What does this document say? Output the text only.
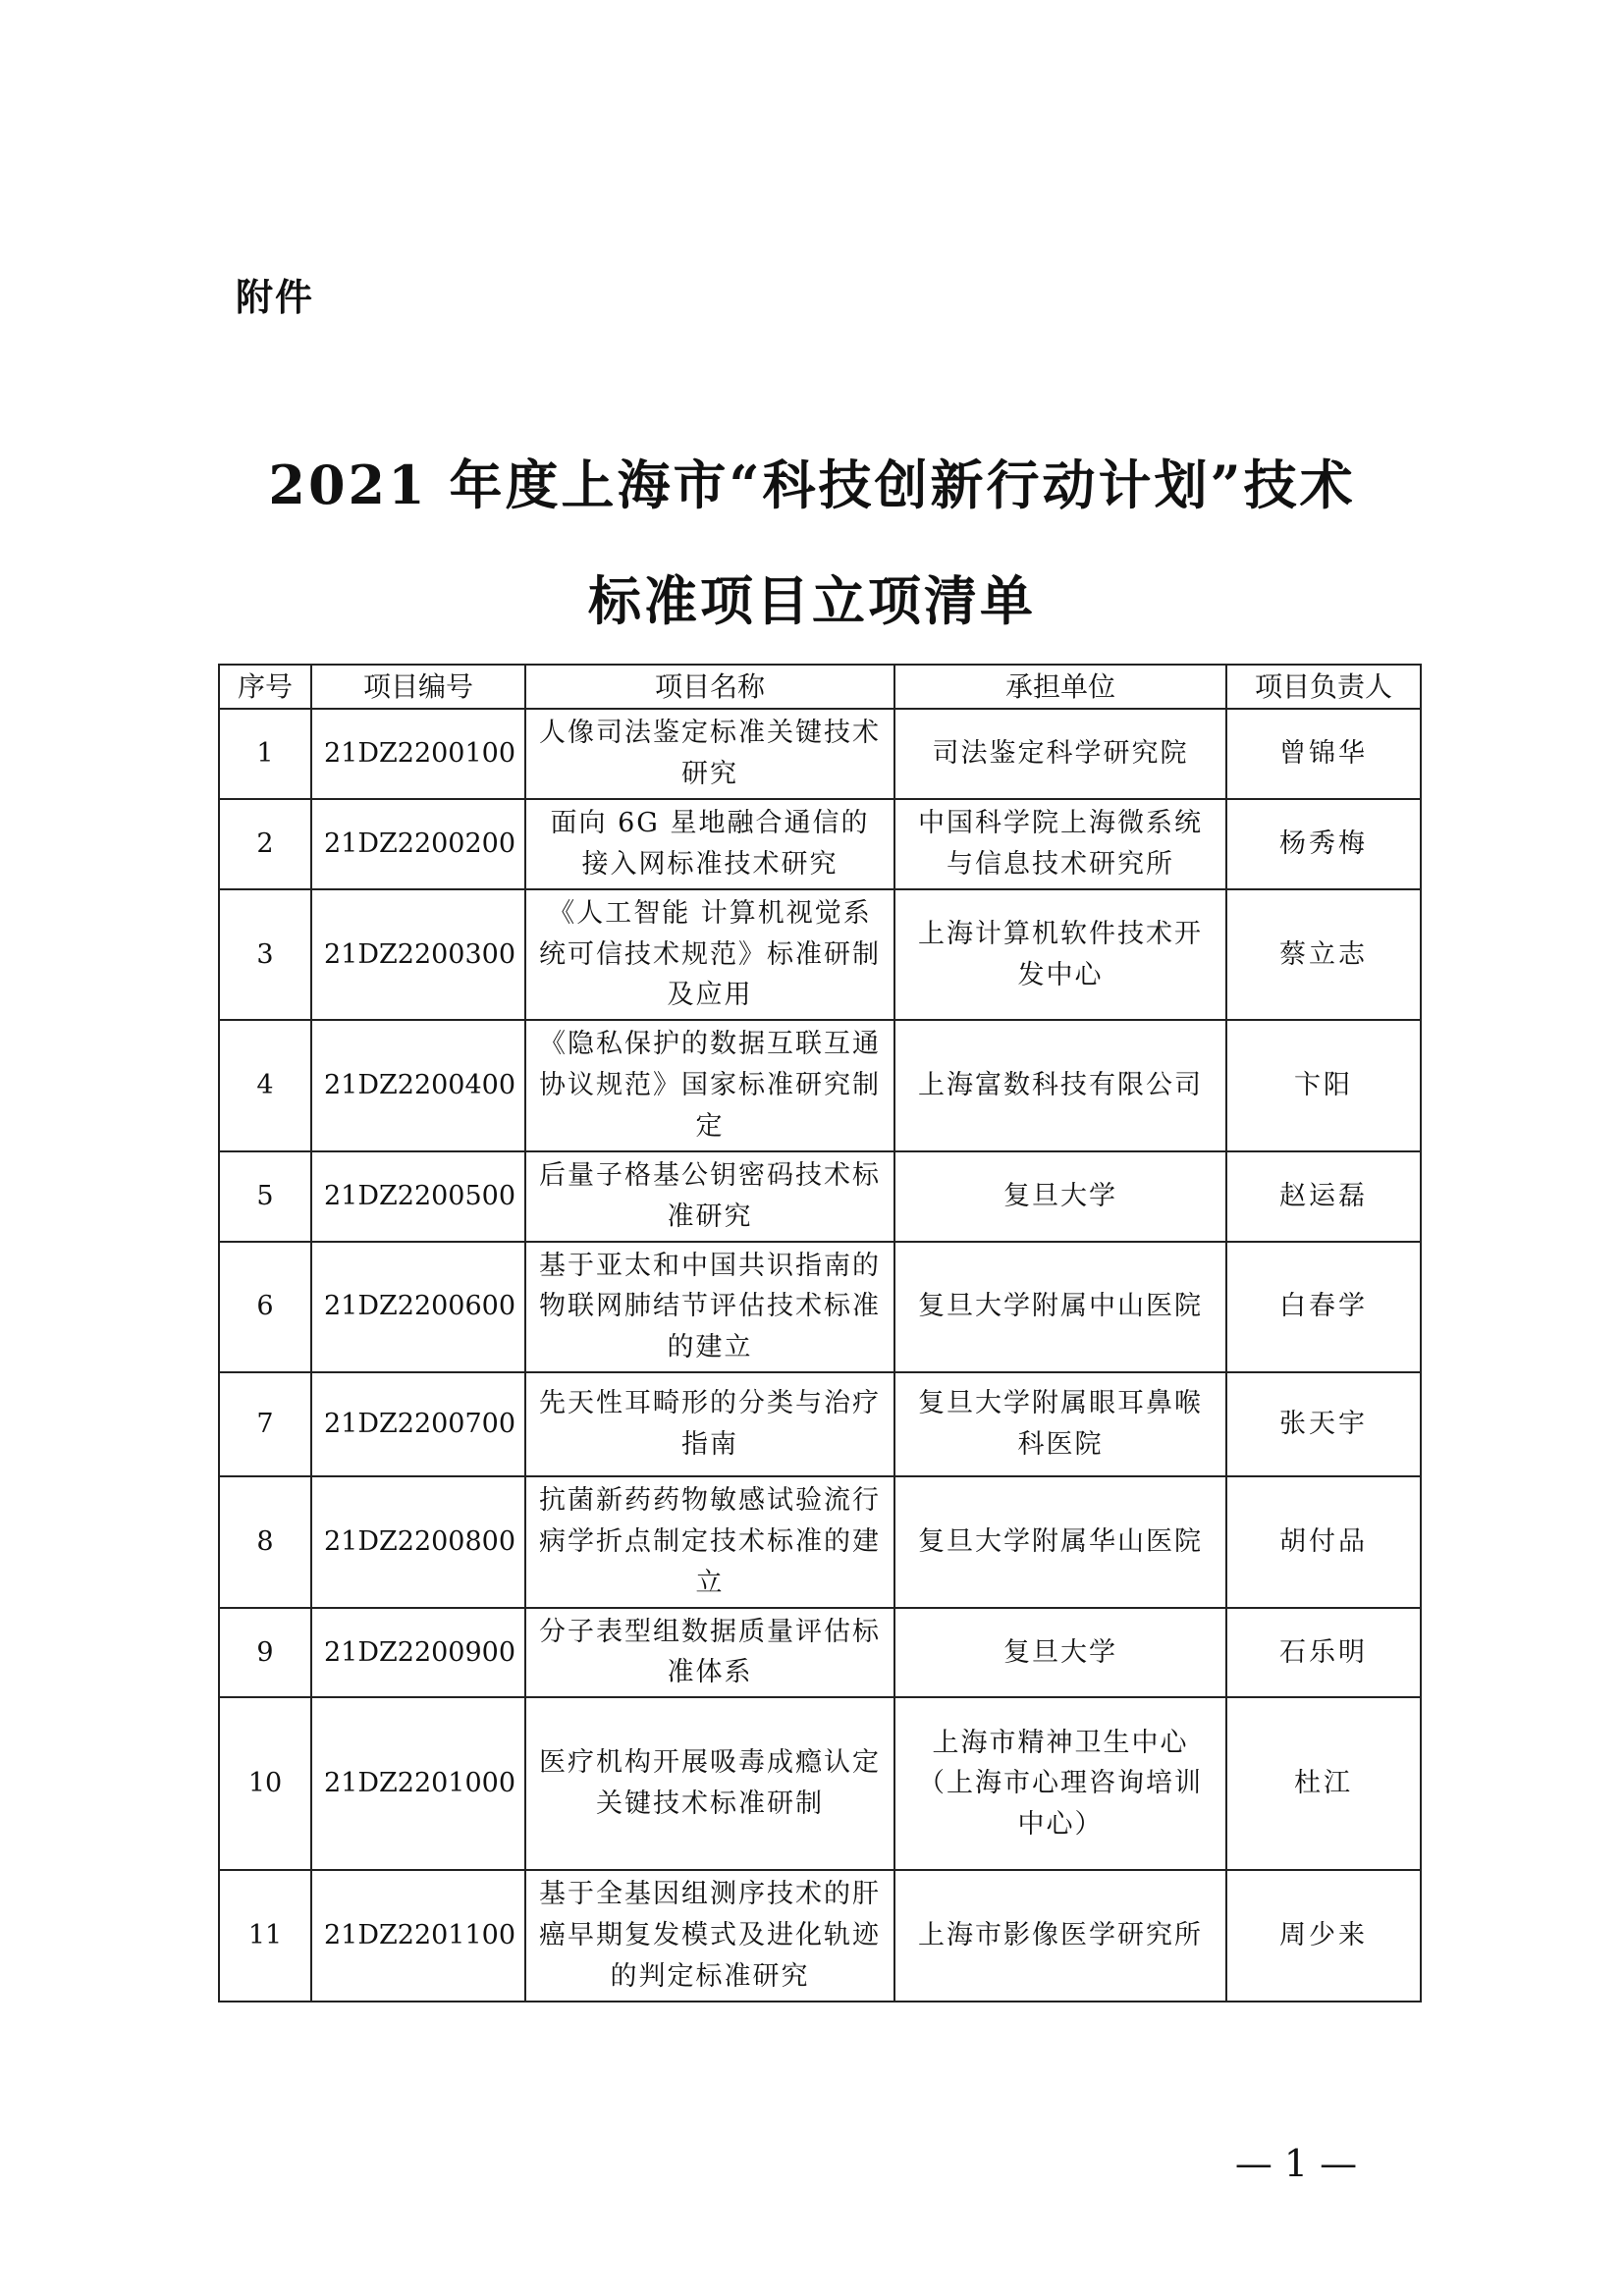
附件

2021 年度上海市“科技创新行动计划”技术
标准项目立项清单
序号	项目编号	项目名称	承担单位	项目负责人
1	21DZ2200100	人像司法鉴定标准关键技术研究	司法鉴定科学研究院	曾锦华
2	21DZ2200200	面向 6G 星地融合通信的接入网标准技术研究	中国科学院上海微系统与信息技术研究所	杨秀梅
3	21DZ2200300	《人工智能 计算机视觉系统可信技术规范》标准研制及应用	上海计算机软件技术开发中心	蔡立志
4	21DZ2200400	《隐私保护的数据互联互通协议规范》国家标准研究制定	上海富数科技有限公司	卞阳
5	21DZ2200500	后量子格基公钥密码技术标准研究	复旦大学	赵运磊
6	21DZ2200600	基于亚太和中国共识指南的物联网肺结节评估技术标准的建立	复旦大学附属中山医院	白春学
7	21DZ2200700	先天性耳畸形的分类与治疗指南	复旦大学附属眼耳鼻喉科医院	张天宇
8	21DZ2200800	抗菌新药药物敏感试验流行病学折点制定技术标准的建立	复旦大学附属华山医院	胡付品
9	21DZ2200900	分子表型组数据质量评估标准体系	复旦大学	石乐明
10	21DZ2201000	医疗机构开展吸毒成瘾认定关键技术标准研制	上海市精神卫生中心（上海市心理咨询培训中心）	杜江
11	21DZ2201100	基于全基因组测序技术的肝癌早期复发模式及进化轨迹的判定标准研究	上海市影像医学研究所	周少来

— 1 —
